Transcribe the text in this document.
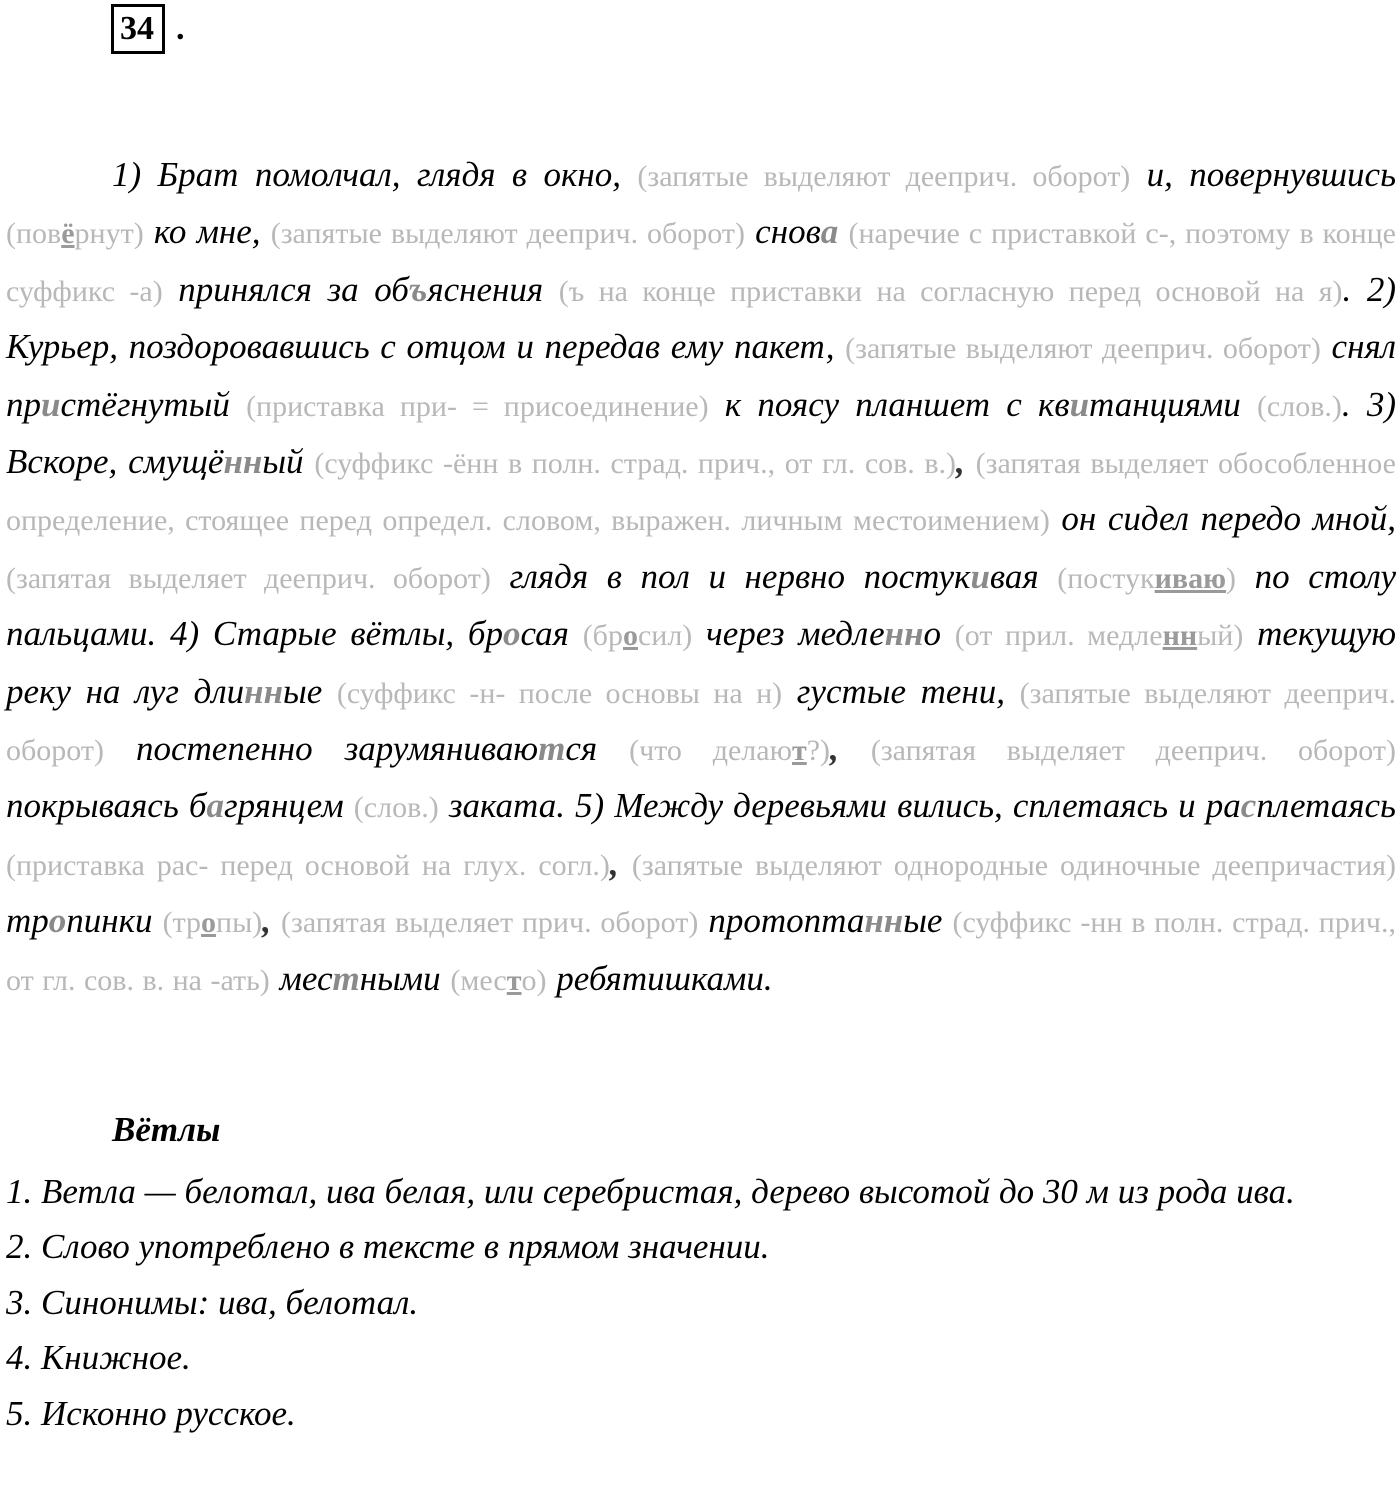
34 .

1) Брат помолчал, глядя в окно, (запятые выделяют дееприч. оборот) и, повернувшись (повёрнут) ко мне, (запятые выделяют дееприч. оборот) снова (наречие с приставкой с-, поэтому в конце суффикс -а) принялся за объяснения (ъ на конце приставки на согласную перед основой на я). 2) Курьер, поздоровавшись с отцом и передав ему пакет, (запятые выделяют дееприч. оборот) снял пристёгнутый (приставка при- = присоединение) к поясу планшет с квитанциями (слов.). 3) Вскоре, смущённый (суффикс -ённ в полн. страд. прич., от гл. сов. в.), (запятая выделяет обособленное определение, стоящее перед определ. словом, выражен. личным местоимением) он сидел передо мной, (запятая выделяет дееприч. оборот) глядя в пол и нервно постукивая (постукиваю) по столу пальцами. 4) Старые вётлы, бросая (бросил) через медленно (от прил. медленный) текущую реку на луг длинные (суффикс -н- после основы на н) густые тени, (запятые выделяют дееприч. оборот) постепенно зарумяниваются (что делают?), (запятая выделяет дееприч. оборот) покрываясь багрянцем (слов.) заката. 5) Между деревьями вились, сплетаясь и расплетаясь (приставка рас- перед основой на глух. согл.), (запятые выделяют однородные одиночные деепричастия) тропинки (тропы), (запятая выделяет прич. оборот) протоптанные (суффикс -нн в полн. страд. прич., от гл. сов. в. на -ать) местными (место) ребятишками.

Вётлы
1. Ветла — белотал, ива белая, или серебристая, дерево высотой до 30 м из рода ива.
2. Слово употреблено в тексте в прямом значении.
3. Синонимы: ива, белотал.
4. Книжное.
5. Исконно русское.
